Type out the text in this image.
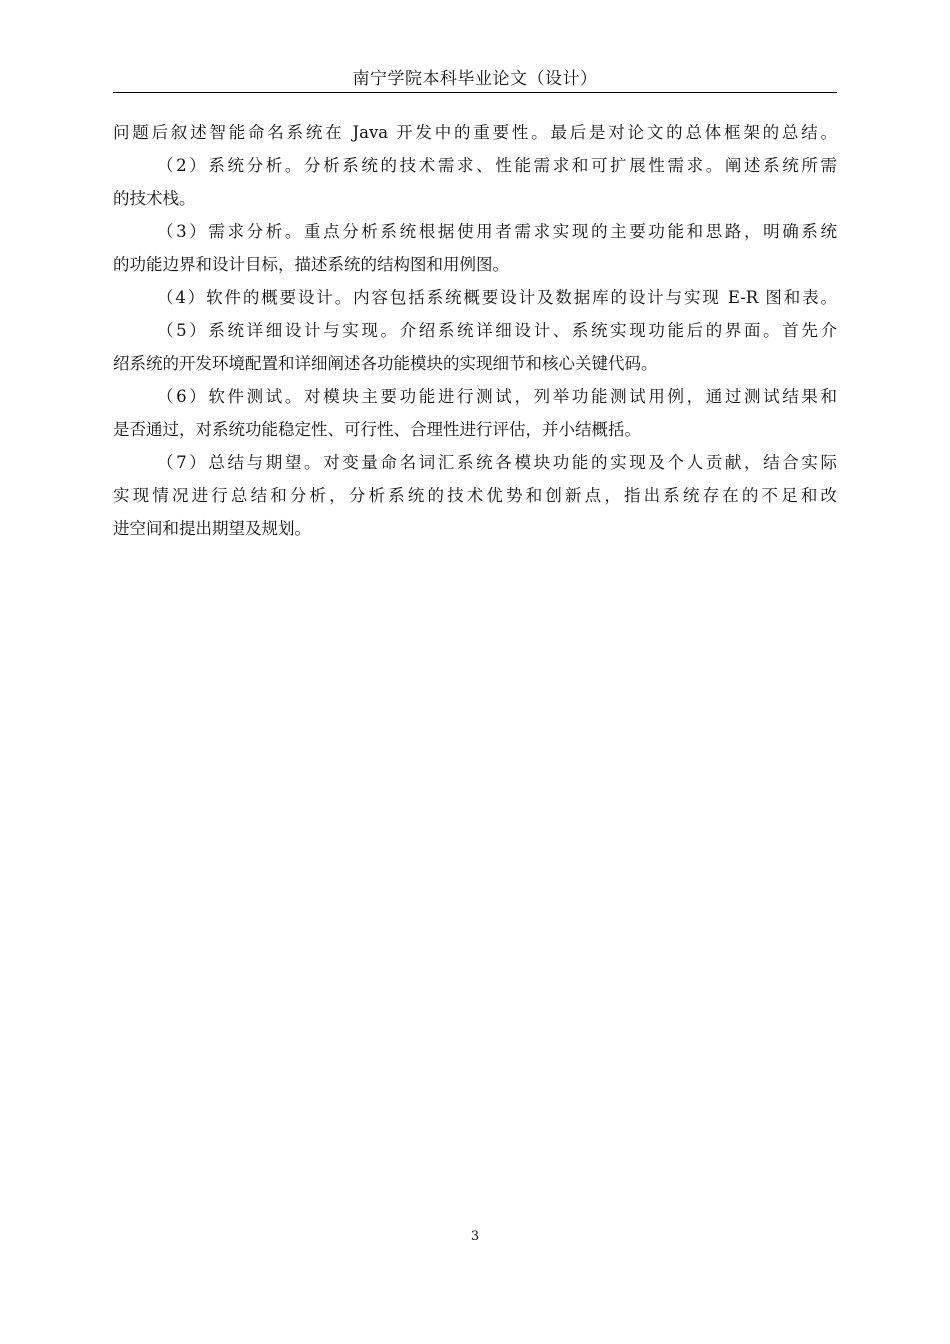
南宁学院本科毕业论文（设计）
问题后叙述智能命名系统在 Java 开发中的重要性。最后是对论文的总体框架的总结。
（2）系统分析。分析系统的技术需求、性能需求和可扩展性需求。阐述系统所需
的技术栈。
（3）需求分析。重点分析系统根据使用者需求实现的主要功能和思路，明确系统
的功能边界和设计目标，描述系统的结构图和用例图。
（4）软件的概要设计。内容包括系统概要设计及数据库的设计与实现 E-R 图和表。
（5）系统详细设计与实现。介绍系统详细设计、系统实现功能后的界面。首先介
绍系统的开发环境配置和详细阐述各功能模块的实现细节和核心关键代码。
（6）软件测试。对模块主要功能进行测试，列举功能测试用例，通过测试结果和
是否通过，对系统功能稳定性、可行性、合理性进行评估，并小结概括。
（7）总结与期望。对变量命名词汇系统各模块功能的实现及个人贡献，结合实际
实现情况进行总结和分析，分析系统的技术优势和创新点，指出系统存在的不足和改
进空间和提出期望及规划。
3
